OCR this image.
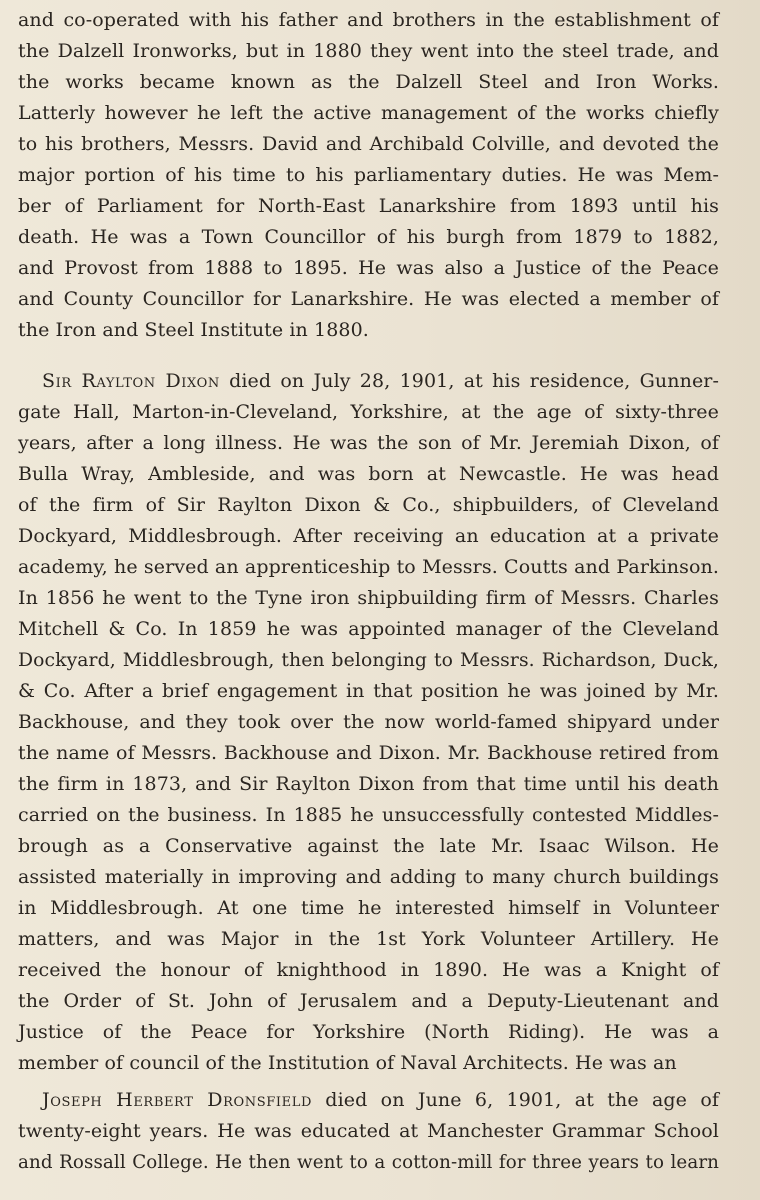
and co-operated with his father and brothers in the establishment of
the Dalzell Ironworks, but in 1880 they went into the steel trade, and
the works became known as the Dalzell Steel and Iron Works.
Latterly however he left the active management of the works chiefly
to his brothers, Messrs. David and Archibald Colville, and devoted the
major portion of his time to his parliamentary duties. He was Mem-
ber of Parliament for North-East Lanarkshire from 1893 until his
death. He was a Town Councillor of his burgh from 1879 to 1882,
and Provost from 1888 to 1895. He was also a Justice of the Peace
and County Councillor for Lanarkshire. He was elected a member of
the Iron and Steel Institute in 1880.
Sir Raylton Dixon died on July 28, 1901, at his residence, Gunner-
gate Hall, Marton-in-Cleveland, Yorkshire, at the age of sixty-three
years, after a long illness. He was the son of Mr. Jeremiah Dixon, of
Bulla Wray, Ambleside, and was born at Newcastle. He was head
of the firm of Sir Raylton Dixon & Co., shipbuilders, of Cleveland
Dockyard, Middlesbrough. After receiving an education at a private
academy, he served an apprenticeship to Messrs. Coutts and Parkinson.
In 1856 he went to the Tyne iron shipbuilding firm of Messrs. Charles
Mitchell & Co. In 1859 he was appointed manager of the Cleveland
Dockyard, Middlesbrough, then belonging to Messrs. Richardson, Duck,
& Co. After a brief engagement in that position he was joined by Mr.
Backhouse, and they took over the now world-famed shipyard under
the name of Messrs. Backhouse and Dixon. Mr. Backhouse retired from
the firm in 1873, and Sir Raylton Dixon from that time until his death
carried on the business. In 1885 he unsuccessfully contested Middles-
brough as a Conservative against the late Mr. Isaac Wilson. He
assisted materially in improving and adding to many church buildings
in Middlesbrough. At one time he interested himself in Volunteer
matters, and was Major in the 1st York Volunteer Artillery. He
received the honour of knighthood in 1890. He was a Knight of
the Order of St. John of Jerusalem and a Deputy-Lieutenant and
Justice of the Peace for Yorkshire (North Riding). He was a
member of council of the Institution of Naval Architects. He was an
Joseph Herbert Dronsfield died on June 6, 1901, at the age of
twenty-eight years. He was educated at Manchester Grammar School
and Rossall College. He then went to a cotton-mill for three years to learn
